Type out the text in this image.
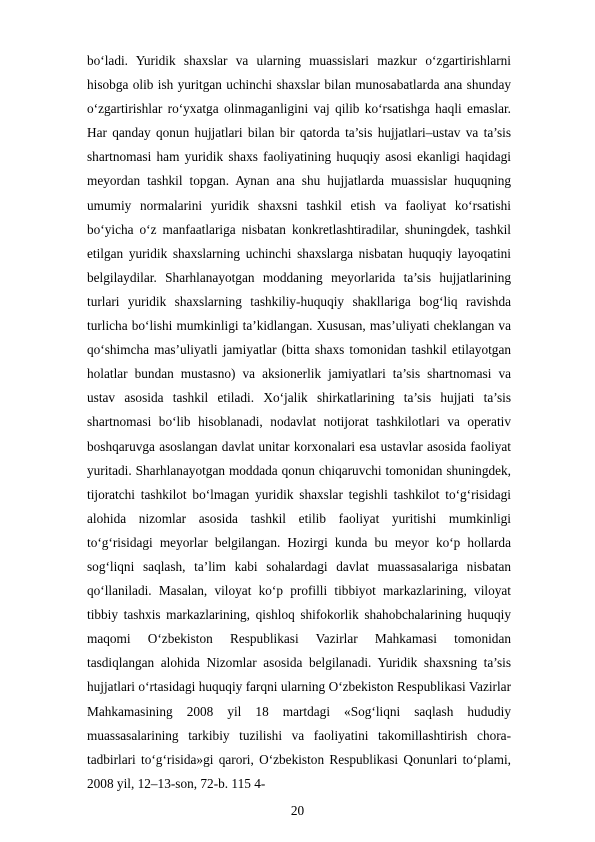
bo‘ladi. Yuridik shaxslar va ularning muassislari mazkur o‘zgartirishlarni hisobga olib ish yuritgan uchinchi shaxslar bilan munosabatlarda ana shunday o‘zgartirishlar ro‘yxatga olinmaganligini vaj qilib ko‘rsatishga haqli emaslar. Har qanday qonun hujjatlari bilan bir qatorda ta’sis hujjatlari–ustav va ta’sis shartnomasi ham yuridik shaxs faoliyatining huquqiy asosi ekanligi haqidagi meyordan tashkil topgan. Aynan ana shu hujjatlarda muassislar huquqning umumiy normalarini yuridik shaxsni tashkil etish va faoliyat ko‘rsatishi bo‘yicha o‘z manfaatlariga nisbatan konkretlashtiradilar, shuningdek, tashkil etilgan yuridik shaxslarning uchinchi shaxslarga nisbatan huquqiy layoqatini belgilaydilar. Sharhlanayotgan moddaning meyorlarida ta’sis hujjatlarining turlari yuridik shaxslarning tashkiliy-huquqiy shakllariga bog‘liq ravishda turlicha bo‘lishi mumkinligi ta’kidlangan. Xususan, mas’uliyati cheklangan va qo‘shimcha mas’uliyatli jamiyatlar (bitta shaxs tomonidan tashkil etilayotgan holatlar bundan mustasno) va aksionerlik jamiyatlari ta’sis shartnomasi va ustav asosida tashkil etiladi. Xo‘jalik shirkatlarining ta’sis hujjati ta’sis shartnomasi bo‘lib hisoblanadi, nodavlat notijorat tashkilotlari va operativ boshqaruvga asoslangan davlat unitar korxonalari esa ustavlar asosida faoliyat yuritadi. Sharhlanayotgan moddada qonun chiqaruvchi tomonidan shuningdek, tijoratchi tashkilot bo‘lmagan yuridik shaxslar tegishli tashkilot to‘g‘risidagi alohida nizomlar asosida tashkil etilib faoliyat yuritishi mumkinligi to‘g‘risidagi meyorlar belgilangan. Hozirgi kunda bu meyor ko‘p hollarda sog‘liqni saqlash, ta’lim kabi sohalardagi davlat muassasalariga nisbatan qo‘llaniladi. Masalan, viloyat ko‘p profilli tibbiyot markazlarining, viloyat tibbiy tashxis markazlarining, qishloq shifokorlik shahobchalarining huquqiy maqomi O‘zbekiston Respublikasi Vazirlar Mahkamasi tomonidan tasdiqlangan alohida Nizomlar asosida belgilanadi. Yuridik shaxsning ta’sis hujjatlari o‘rtasidagi huquqiy farqni ularning O‘zbekiston Respublikasi Vazirlar Mahkamasining 2008 yil 18 martdagi «Sog‘liqni saqlash hududiy muassasalarining tarkibiy tuzilishi va faoliyatini takomillashtirish chora-tadbirlari to‘g‘risida»gi qarori, O‘zbekiston Respublikasi Qonunlari to‘plami, 2008 yil, 12–13-son, 72-b. 115 4-

20
